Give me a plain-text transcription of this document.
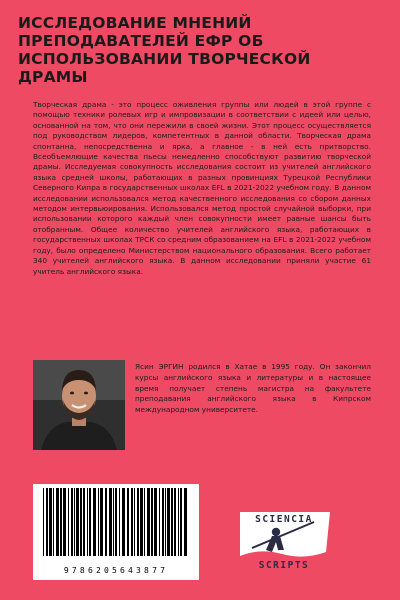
ИССЛЕДОВАНИЕ МНЕНИЙ ПРЕПОДАВАТЕЛЕЙ ЕФР ОБ ИСПОЛЬЗОВАНИИ ТВОРЧЕСКОЙ ДРАМЫ

Творческая драма - это процесс оживления группы или людей в этой группе с помощью техники ролевых игр и импровизации в соответствии с идеей или целью, основанной на том, что они пережили в своей жизни. Этот процесс осуществляется под руководством лидеров, компетентных в данной области. Творческая драма спонтанна, непосредственна и ярка, а главное - в ней есть притворство. Всеобъемлющие качества пьесы немедленно способствуют развитию творческой драмы. Исследуемая совокупность исследования состоит из учителей английского языка средней школы, работающих в разных провинциях Турецкой Республики Северного Кипра в государственных школах EFL в 2021-2022 учебном году. В данном исследовании использовался метод качественного исследования со сбором данных методом интервьюирования. Использовался метод простой случайной выборки, при использовании которого каждый член совокупности имеет равные шансы быть отобранным. Общее количество учителей английского языка, работающих в государственных школах ТРСК со средним образованием на EFL в 2021-2022 учебном году, было определено Министерством национального образования. Всего работает 340 учителей английского языка. В данном исследовании приняли участие 61 учитель английского языка.

Ясин ЭРГИН родился в Хатае в 1995 году. Он закончил курсы английского языка и литературы и в настоящее время получает степень магистра на факультете преподавания английского языка в Кипрском международном университете.

9786205643877
SCIENCIA
SCRIPTS
